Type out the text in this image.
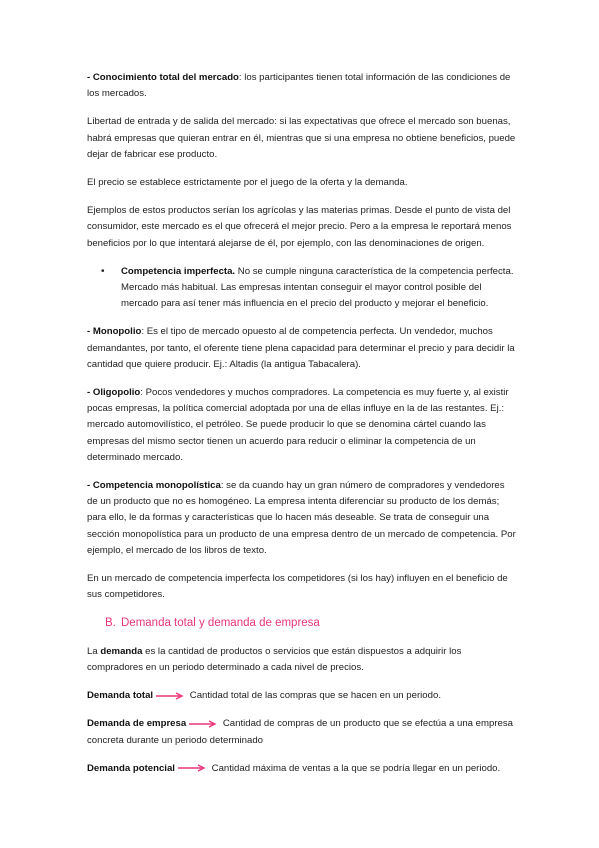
- Conocimiento total del mercado: los participantes tienen total información de las condiciones de los mercados.

Libertad de entrada y de salida del mercado: si las expectativas que ofrece el mercado son buenas, habrá empresas que quieran entrar en él, mientras que si una empresa no obtiene beneficios, puede dejar de fabricar ese producto.

El precio se establece estrictamente por el juego de la oferta y la demanda.

Ejemplos de estos productos serían los agrícolas y las materias primas. Desde el punto de vista del consumidor, este mercado es el que ofrecerá el mejor precio. Pero a la empresa le reportará menos beneficios por lo que intentará alejarse de él, por ejemplo, con las denominaciones de origen.

• Competencia imperfecta. No se cumple ninguna característica de la competencia perfecta. Mercado más habitual. Las empresas intentan conseguir el mayor control posible del mercado para así tener más influencia en el precio del producto y mejorar el beneficio.

- Monopolio: Es el tipo de mercado opuesto al de competencia perfecta. Un vendedor, muchos demandantes, por tanto, el oferente tiene plena capacidad para determinar el precio y para decidir la cantidad que quiere producir. Ej.: Altadis (la antigua Tabacalera).

- Oligopolio: Pocos vendedores y muchos compradores. La competencia es muy fuerte y, al existir pocas empresas, la política comercial adoptada por una de ellas influye en la de las restantes. Ej.: mercado automovilístico, el petróleo. Se puede producir lo que se denomina cártel cuando las empresas del mismo sector tienen un acuerdo para reducir o eliminar la competencia de un determinado mercado.

- Competencia monopolística: se da cuando hay un gran número de compradores y vendedores de un producto que no es homogéneo. La empresa intenta diferenciar su producto de los demás; para ello, le da formas y características que lo hacen más deseable. Se trata de conseguir una sección monopolística para un producto de una empresa dentro de un mercado de competencia. Por ejemplo, el mercado de los libros de texto.

En un mercado de competencia imperfecta los competidores (si los hay) influyen en el beneficio de sus competidores.

B. Demanda total y demanda de empresa

La demanda es la cantidad de productos o servicios que están dispuestos a adquirir los compradores en un periodo determinado a cada nivel de precios.

Demanda total	Cantidad total de las compras que se hacen en un periodo.

Demanda de empresa	Cantidad de compras de un producto que se efectúa a una empresa concreta durante un periodo determinado

Demanda potencial	Cantidad máxima de ventas a la que se podría llegar en un periodo.
